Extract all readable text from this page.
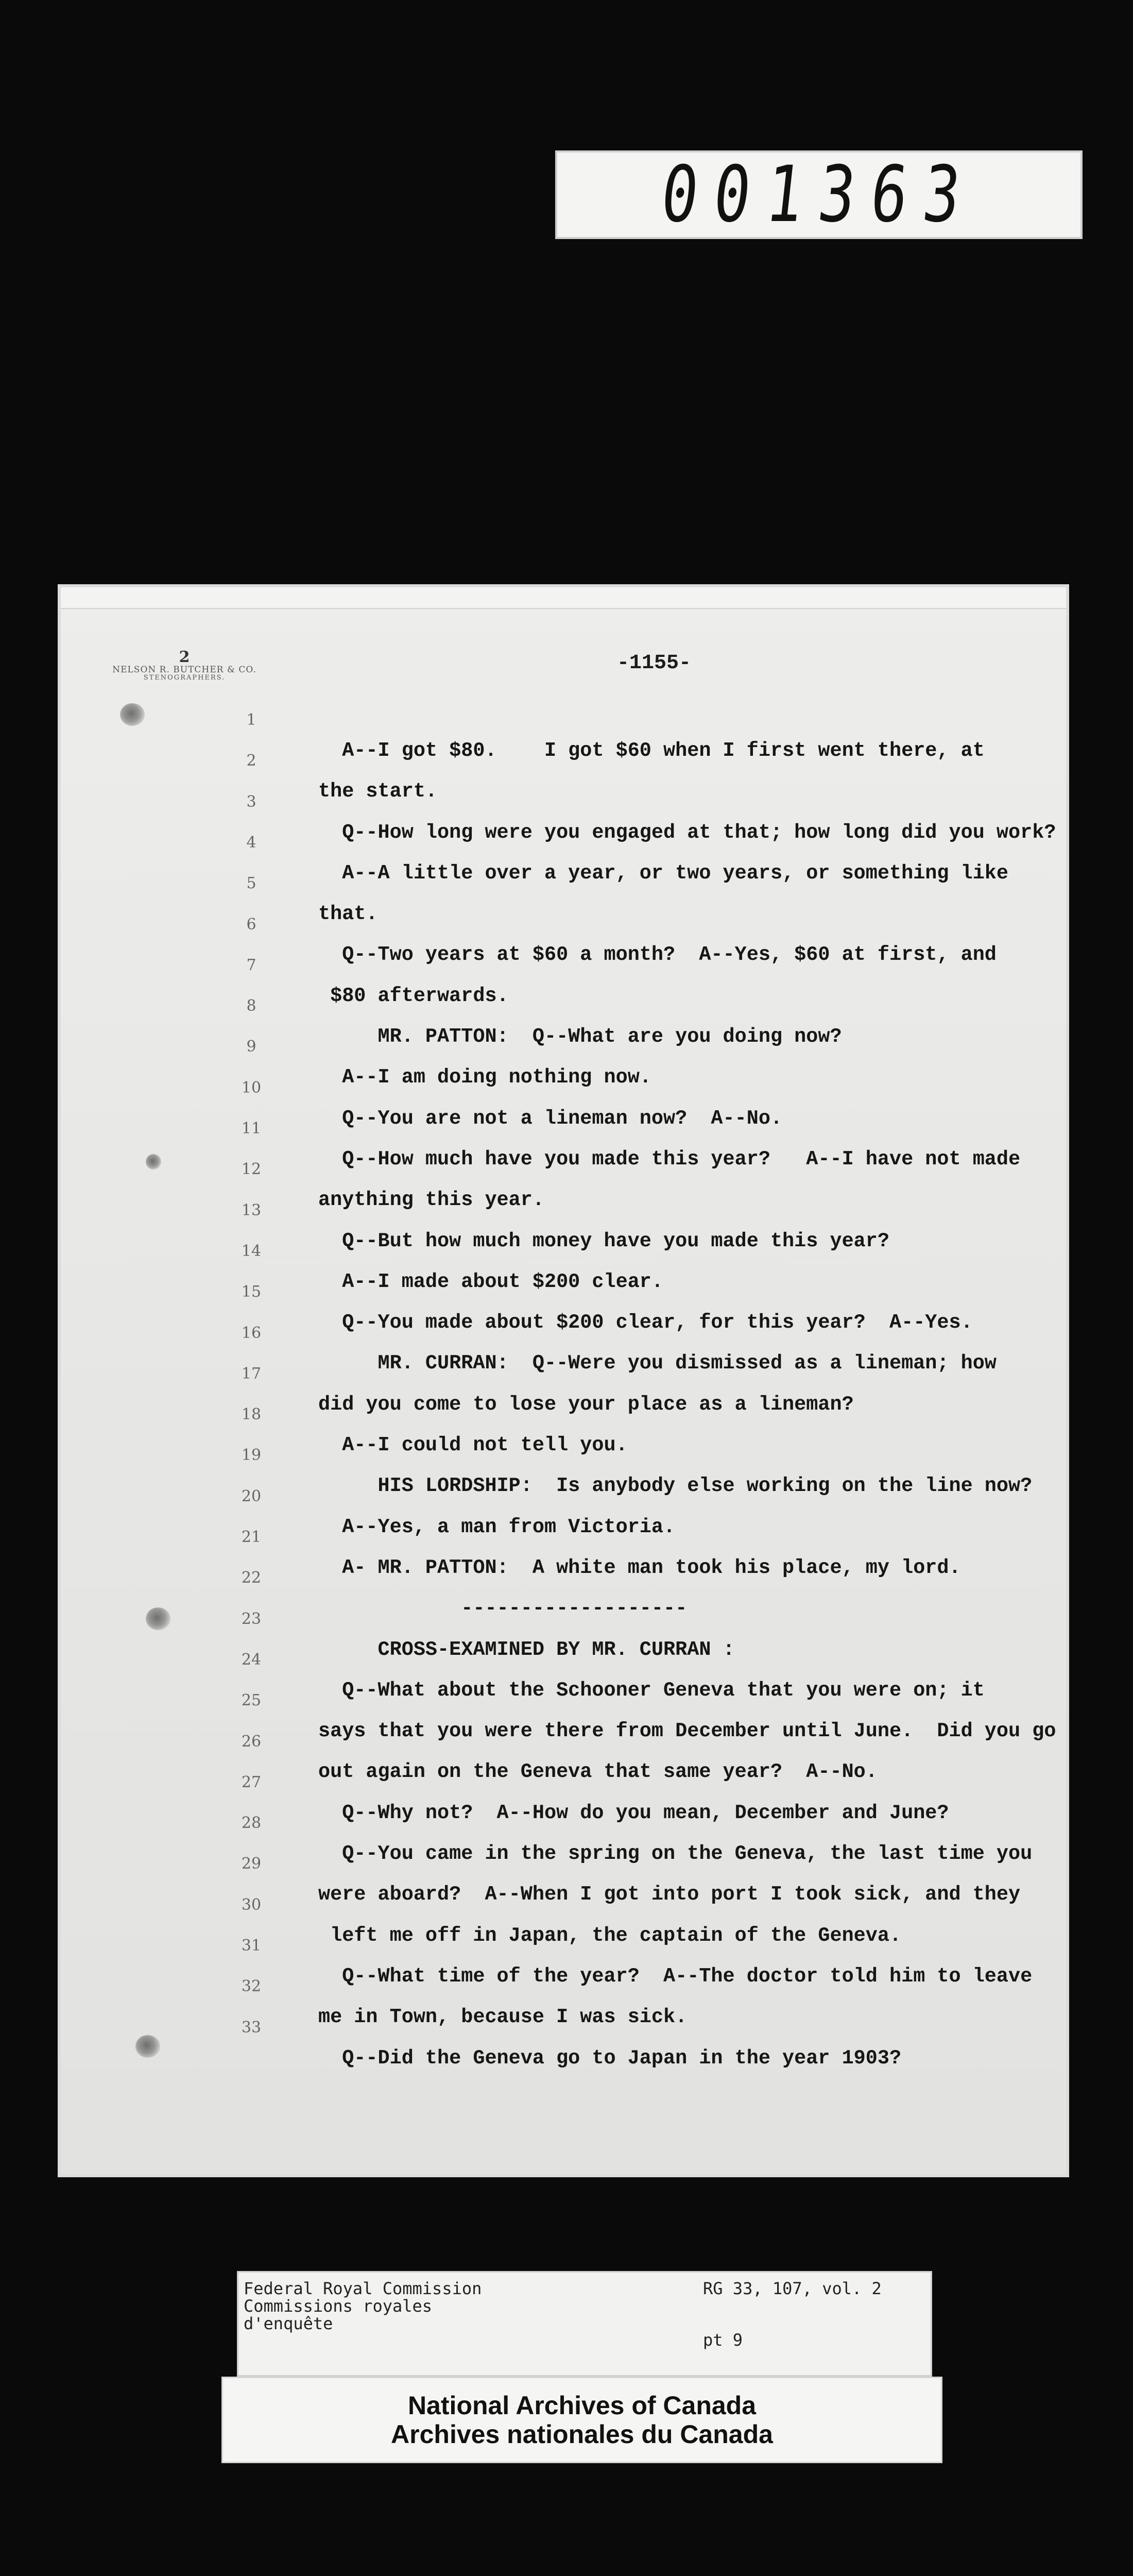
001363
2
NELSON R. BUTCHER & CO.
STENOGRAPHERS.
-1155-
1
2
3
4
5
6
7
8
9
10
11
12
13
14
15
16
17
18
19
20
21
22
23
24
25
26
27
28
29
30
31
32
33
A--I got $80.    I got $60 when I first went there, at
the start.
Q--How long were you engaged at that; how long did you work?
A--A little over a year, or two years, or something like
that.
Q--Two years at $60 a month?  A--Yes, $60 at first, and
$80 afterwards.
MR. PATTON:  Q--What are you doing now?
A--I am doing nothing now.
Q--You are not a lineman now?  A--No.
Q--How much have you made this year?   A--I have not made
anything this year.
Q--But how much money have you made this year?
A--I made about $200 clear.
Q--You made about $200 clear, for this year?  A--Yes.
MR. CURRAN:  Q--Were you dismissed as a lineman; how
did you come to lose your place as a lineman?
A--I could not tell you.
HIS LORDSHIP:  Is anybody else working on the line now?
A--Yes, a man from Victoria.
A- MR. PATTON:  A white man took his place, my lord.
-------------------
CROSS-EXAMINED BY MR. CURRAN :
Q--What about the Schooner Geneva that you were on; it
says that you were there from December until June.  Did you go
out again on the Geneva that same year?  A--No.
Q--Why not?  A--How do you mean, December and June?
Q--You came in the spring on the Geneva, the last time you
were aboard?  A--When I got into port I took sick, and they
left me off in Japan, the captain of the Geneva.
Q--What time of the year?  A--The doctor told him to leave
me in Town, because I was sick.
Q--Did the Geneva go to Japan in the year 1903?
Federal Royal Commission
Commissions royales
d'enquête
RG 33, 107, vol. 2
pt 9
National Archives of Canada
Archives nationales du Canada
